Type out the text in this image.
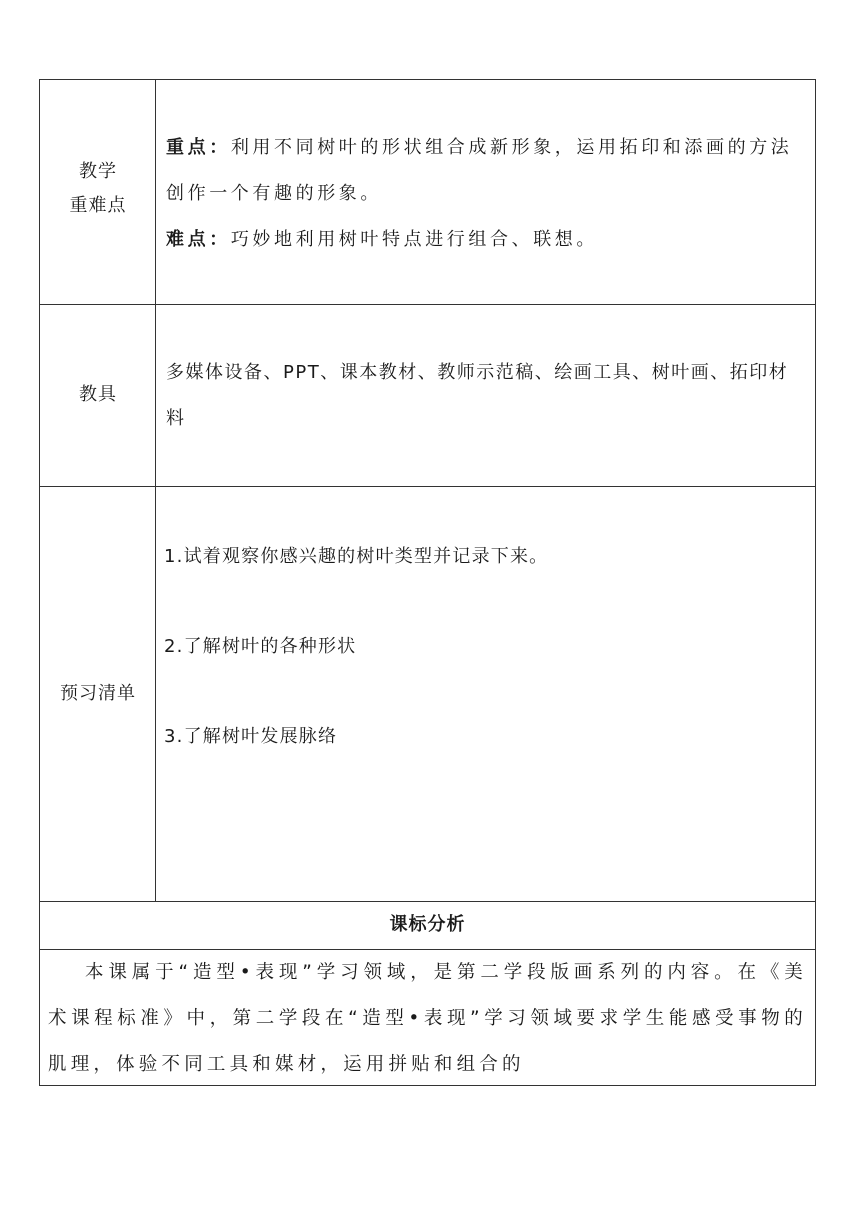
教学
重难点
重点：利用不同树叶的形状组合成新形象，运用拓印和添画的方法创作一个有趣的形象。
难点：巧妙地利用树叶特点进行组合、联想。
教具
多媒体设备、PPT、课本教材、教师示范稿、绘画工具、树叶画、拓印材料
预习清单
1.试着观察你感兴趣的树叶类型并记录下来。
2.了解树叶的各种形状
3.了解树叶发展脉络
课标分析
本课属于“造型•表现”学习领域，是第二学段版画系列的内容。在《美术课程标准》中，第二学段在“造型•表现”学习领域要求学生能感受事物的肌理，体验不同工具和媒材，运用拼贴和组合的
